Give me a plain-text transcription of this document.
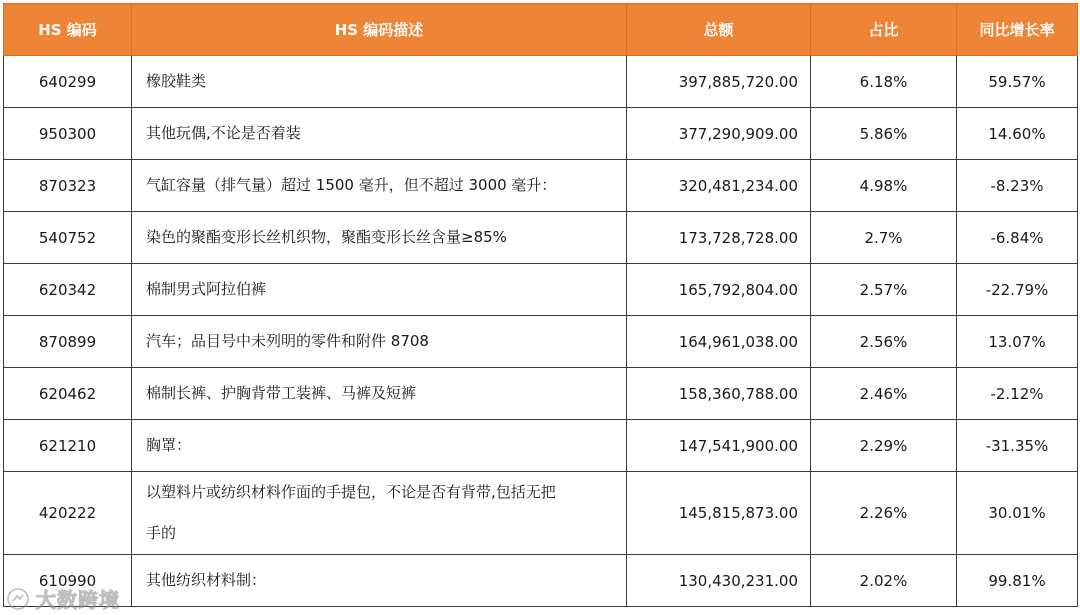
HS 编码	HS 编码描述	总额	占比	同比增长率
640299	橡胶鞋类	397,885,720.00	6.18%	59.57%
950300	其他玩偶,不论是否着装	377,290,909.00	5.86%	14.60%
870323	气缸容量（排气量）超过 1500 毫升，但不超过 3000 毫升：	320,481,234.00	4.98%	-8.23%
540752	染色的聚酯变形长丝机织物，聚酯变形长丝含量≥85%	173,728,728.00	2.7%	-6.84%
620342	棉制男式阿拉伯裤	165,792,804.00	2.57%	-22.79%
870899	汽车；品目号中未列明的零件和附件 8708	164,961,038.00	2.56%	13.07%
620462	棉制长裤、护胸背带工装裤、马裤及短裤	158,360,788.00	2.46%	-2.12%
621210	胸罩：	147,541,900.00	2.29%	-31.35%
420222	以塑料片或纺织材料作面的手提包，不论是否有背带,包括无把手的	145,815,873.00	2.26%	30.01%
610990	其他纺织材料制：	130,430,231.00	2.02%	99.81%
大数跨境
